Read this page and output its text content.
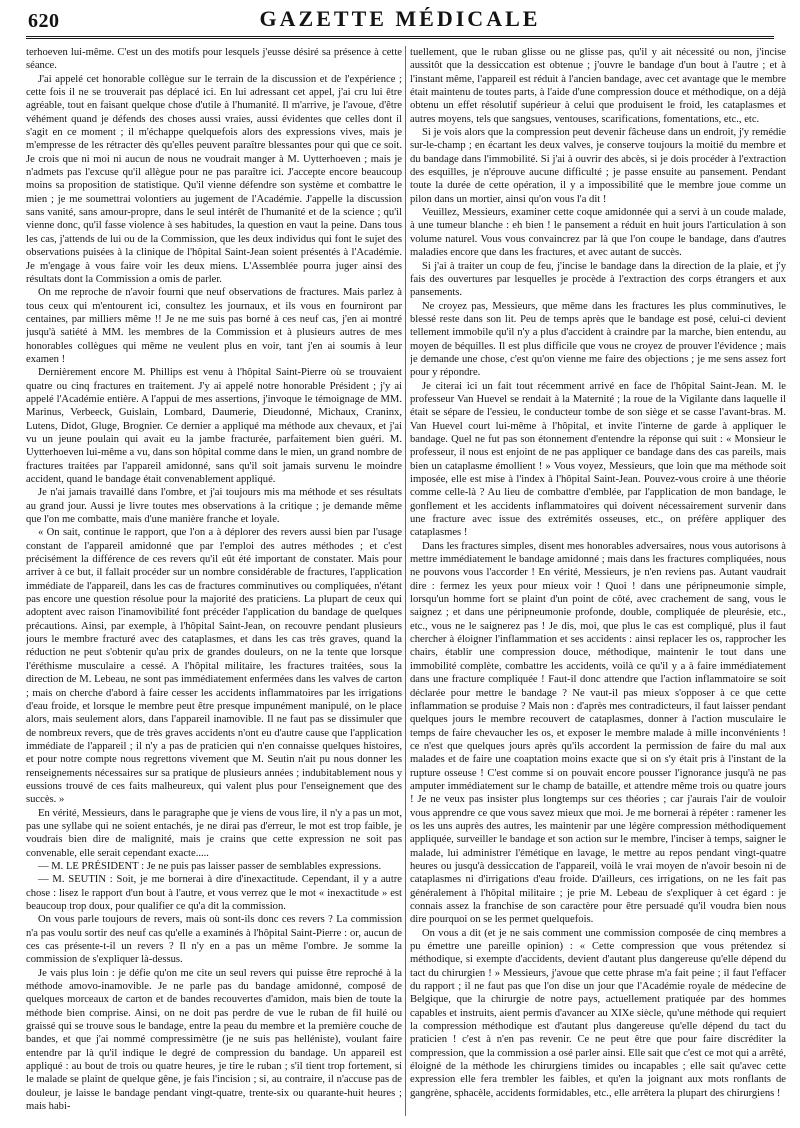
620	GAZETTE MÉDICALE

terhoeven lui-même. C'est un des motifs pour lesquels j'eusse désiré sa présence à cette séance.

J'ai appelé cet honorable collègue sur le terrain de la discussion et de l'expérience ; cette fois il ne se trouverait pas déplacé ici. En lui adressant cet appel, j'ai cru lui être agréable, tout en faisant quelque chose d'utile à l'humanité. Il m'arrive, je l'avoue, d'être véhément quand je défends des choses aussi vraies, aussi évidentes que celles dont il s'agit en ce moment ; il m'échappe quelquefois alors des expressions vives, mais je m'empresse de les rétracter dès qu'elles peuvent paraître blessantes pour qui que ce soit. Je crois que ni moi ni aucun de nous ne voudrait manger à M. Uytterhoeven ; mais je n'admets pas l'excuse qu'il allègue pour ne pas paraître ici. J'accepte encore beaucoup moins sa proposition de statistique. Qu'il vienne défendre son système et combattre le mien ; je me soumettrai volontiers au jugement de l'Académie. J'appelle la discussion sans vanité, sans amour-propre, dans le seul intérêt de l'humanité et de la science ; qu'il vienne donc, qu'il fasse violence à ses habitudes, la question en vaut la peine. Dans tous les cas, j'attends de lui ou de la Commission, que les deux individus qui font le sujet des observations puisées à la clinique de l'hôpital Saint-Jean soient présentés à l'Académie. Je m'engage à vous faire voir les deux miens. L'Assemblée pourra juger ainsi des résultats dont la Commission a omis de parler.

On me reproche de n'avoir fourni que neuf observations de fractures. Mais parlez à tous ceux qui m'entourent ici, consultez les journaux, et ils vous en fourniront par centaines, par milliers même !! Je ne me suis pas borné à ces neuf cas, j'en ai montré jusqu'à satiété à MM. les membres de la Commission et à plusieurs autres de mes honorables collègues qui même ne veulent plus en voir, tant j'en ai soumis à leur examen !

Dernièrement encore M. Phillips est venu à l'hôpital Saint-Pierre où se trouvaient quatre ou cinq fractures en traitement. J'y ai appelé notre honorable Président ; j'y ai appelé l'Académie entière. A l'appui de mes assertions, j'invoque le témoignage de MM. Marinus, Verbeeck, Guislain, Lombard, Daumerie, Dieudonné, Michaux, Craninx, Lutens, Didot, Gluge, Brognier. Ce dernier a appliqué ma méthode aux chevaux, et j'ai vu un jeune poulain qui avait eu la jambe fracturée, parfaitement bien guéri. M. Uytterhoeven lui-même a vu, dans son hôpital comme dans le mien, un grand nombre de fractures traitées par l'appareil amidonné, sans qu'il soit jamais survenu le moindre accident, quand le bandage était convenablement appliqué.

Je n'ai jamais travaillé dans l'ombre, et j'ai toujours mis ma méthode et ses résultats au grand jour. Aussi je livre toutes mes observations à la critique ; je demande même que l'on me combatte, mais d'une manière franche et loyale.

« On sait, continue le rapport, que l'on a à déplorer des revers aussi bien par l'usage constant de l'appareil amidonné que par l'emploi des autres méthodes ; et c'est précisément la différence de ces revers qu'il eût été important de constater. Mais pour arriver à ce but, il fallait procéder sur un nombre considérable de fractures, l'application immédiate de l'appareil, dans les cas de fractures comminutives ou compliquées, n'étant pas encore une question résolue pour la majorité des praticiens. La plupart de ceux qui adoptent avec raison l'inamovibilité font précéder l'application du bandage de quelques précautions. Ainsi, par exemple, à l'hôpital Saint-Jean, on recouvre pendant plusieurs jours le membre fracturé avec des cataplasmes, et dans les cas très graves, quand la réduction ne peut s'obtenir qu'au prix de grandes douleurs, on ne la tente que lorsque l'éréthisme musculaire a cessé. A l'hôpital militaire, les fractures traitées, sous la direction de M. Lebeau, ne sont pas immédiatement enfermées dans les valves de carton ; mais on cherche d'abord à faire cesser les accidents inflammatoires par les irrigations d'eau froide, et lorsque le membre peut être presque impunément manipulé, on le place alors, mais seulement alors, dans l'appareil inamovible. Il ne faut pas se dissimuler que de nombreux revers, que de très graves accidents n'ont eu d'autre cause que l'application immédiate de l'appareil ; il n'y a pas de praticien qui n'en connaisse quelques histoires, et pour notre compte nous regrettons vivement que M. Seutin n'ait pu nous donner les renseignements nécessaires sur sa pratique de plusieurs années ; indubitablement nous y eussions trouvé de ces faits malheureux, qui valent plus pour l'enseignement que des succès. »

En vérité, Messieurs, dans le paragraphe que je viens de vous lire, il n'y a pas un mot, pas une syllabe qui ne soient entachés, je ne dirai pas d'erreur, le mot est trop faible, je voudrais bien dire de malignité, mais je crains que cette expression ne soit pas convenable, elle serait cependant exacte.....

— M. LE PRÉSIDENT : Je ne puis pas laisser passer de semblables expressions.

— M. SEUTIN : Soit, je me bornerai à dire d'inexactitude. Cependant, il y a autre chose : lisez le rapport d'un bout à l'autre, et vous verrez que le mot « inexactitude » est beaucoup trop doux, pour qualifier ce qu'a dit la commission.

On vous parle toujours de revers, mais où sont-ils donc ces revers ? La commission n'a pas voulu sortir des neuf cas qu'elle a examinés à l'hôpital Saint-Pierre : or, aucun de ces cas présente-t-il un revers ? Il n'y en a pas un même l'ombre. Je somme la commission de s'expliquer là-dessus.

Je vais plus loin : je défie qu'on me cite un seul revers qui puisse être reproché à la méthode amovo-inamovible. Je ne parle pas du bandage amidonné, composé de quelques morceaux de carton et de bandes recouvertes d'amidon, mais bien de toute la méthode bien comprise. Ainsi, on ne doit pas perdre de vue le ruban de fil huilé ou graissé qui se trouve sous le bandage, entre la peau du membre et la première couche de bandes, et que j'ai nommé compressimètre (je ne suis pas helléniste), voulant faire entendre par là qu'il indique le degré de compression du bandage. Un appareil est appliqué : au bout de trois ou quatre heures, je tire le ruban ; s'il tient trop fortement, si le malade se plaint de quelque gêne, je fais l'incision ; si, au contraire, il n'accuse pas de douleur, je laisse le bandage pendant vingt-quatre, trente-six ou quarante-huit heures ; mais habi-

tuellement, que le ruban glisse ou ne glisse pas, qu'il y ait nécessité ou non, j'incise aussitôt que la dessiccation est obtenue ; j'ouvre le bandage d'un bout à l'autre ; et à l'instant même, l'appareil est réduit à l'ancien bandage, avec cet avantage que le membre était maintenu de toutes parts, à l'aide d'une compression douce et méthodique, on a déjà obtenu un effet résolutif supérieur à celui que produisent le froid, les cataplasmes et autres moyens, tels que sangsues, ventouses, scarifications, fomentations, etc., etc.

Si je vois alors que la compression peut devenir fâcheuse dans un endroit, j'y remédie sur-le-champ ; en écartant les deux valves, je conserve toujours la moitié du membre et du bandage dans l'immobilité. Si j'ai à ouvrir des abcès, si je dois procéder à l'extraction des esquilles, je n'éprouve aucune difficulté ; je passe ensuite au pansement. Pendant toute la durée de cette opération, il y a impossibilité que le membre joue comme un pilon dans un mortier, ainsi qu'on vous l'a dit !

Veuillez, Messieurs, examiner cette coque amidonnée qui a servi à un coude malade, à une tumeur blanche : eh bien ! le pansement a réduit en huit jours l'articulation à son volume naturel. Vous vous convaincrez par là que l'on coupe le bandage, dans d'autres maladies encore que dans les fractures, et avec autant de succès.

Si j'ai à traiter un coup de feu, j'incise le bandage dans la direction de la plaie, et j'y fais des ouvertures par lesquelles je procède à l'extraction des corps étrangers et aux pansements.

Ne croyez pas, Messieurs, que même dans les fractures les plus comminutives, le blessé reste dans son lit. Peu de temps après que le bandage est posé, celui-ci devient tellement immobile qu'il n'y a plus d'accident à craindre par la marche, bien entendu, au moyen de béquilles. Il est plus difficile que vous ne croyez de prouver l'évidence ; mais je demande une chose, c'est qu'on vienne me faire des objections ; je me sens assez fort pour y répondre.

Je citerai ici un fait tout récemment arrivé en face de l'hôpital Saint-Jean. M. le professeur Van Huevel se rendait à la Maternité ; la roue de la Vigilante dans laquelle il était se sépare de l'essieu, le conducteur tombe de son siège et se casse l'avant-bras. M. Van Huevel court lui-même à l'hôpital, et invite l'interne de garde à appliquer le bandage. Quel ne fut pas son étonnement d'entendre la réponse qui suit : « Monsieur le professeur, il nous est enjoint de ne pas appliquer ce bandage dans des cas pareils, mais bien un cataplasme émollient ! » Vous voyez, Messieurs, que loin que ma méthode soit imposée, elle est mise à l'index à l'hôpital Saint-Jean. Pouvez-vous croire à une théorie comme celle-là ? Au lieu de combattre d'emblée, par l'application de mon bandage, le gonflement et les accidents inflammatoires qui doivent nécessairement survenir dans une fracture avec issue des extrémités osseuses, etc., on préfère appliquer des cataplasmes !

Dans les fractures simples, disent mes honorables adversaires, nous vous autorisons à mettre immédiatement le bandage amidonné ; mais dans les fractures compliquées, nous ne pouvons vous l'accorder ! En vérité, Messieurs, je n'en reviens pas. Autant vaudrait dire : fermez les yeux pour mieux voir ! Quoi ! dans une péripneumonie simple, lorsqu'un homme fort se plaint d'un point de côté, avec crachement de sang, vous le saignez ; et dans une péripneumonie profonde, double, compliquée de pleurésie, etc., etc., vous ne le saignerez pas ! Je dis, moi, que plus le cas est compliqué, plus il faut chercher à éloigner l'inflammation et ses accidents : ainsi replacer les os, rapprocher les chairs, établir une compression douce, méthodique, maintenir le tout dans une immobilité complète, combattre les accidents, voilà ce qu'il y a à faire immédiatement dans une fracture compliquée ! Faut-il donc attendre que l'action inflammatoire se soit déclarée pour mettre le bandage ? Ne vaut-il pas mieux s'opposer à ce que cette inflammation se produise ? Mais non : d'après mes contradicteurs, il faut laisser pendant quelques jours le membre recouvert de cataplasmes, donner à l'action musculaire le temps de faire chevaucher les os, et exposer le membre malade à mille inconvénients ! ce n'est que quelques jours après qu'ils accordent la permission de faire du mal aux malades et de faire une coaptation moins exacte que si on s'y était pris à l'instant de la rupture osseuse ! C'est comme si on pouvait encore pousser l'ignorance jusqu'à ne pas amputer immédiatement sur le champ de bataille, et attendre même trois ou quatre jours ! Je ne veux pas insister plus longtemps sur ces théories ; car j'aurais l'air de vouloir vous apprendre ce que vous savez mieux que moi. Je me bornerai à répéter : ramener les os les uns auprès des autres, les maintenir par une légère compression méthodiquement appliquée, surveiller le bandage et son action sur le membre, l'inciser à temps, saigner le malade, lui administrer l'émétique en lavage, le mettre au repos pendant vingt-quatre heures ou jusqu'à dessiccation de l'appareil, voilà le vrai moyen de n'avoir besoin ni de cataplasmes ni d'irrigations d'eau froide. D'ailleurs, ces irrigations, on ne les fait pas généralement à l'hôpital militaire ; je prie M. Lebeau de s'expliquer à cet égard : je connais assez la franchise de son caractère pour être persuadé qu'il voudra bien nous dire pourquoi on se les permet quelquefois.

On vous a dit (et je ne sais comment une commission composée de cinq membres a pu émettre une pareille opinion) : « Cette compression que vous prétendez si méthodique, si exempte d'accidents, devient d'autant plus dangereuse qu'elle dépend du tact du chirurgien ! » Messieurs, j'avoue que cette phrase m'a fait peine ; il faut l'effacer du rapport ; il ne faut pas que l'on dise un jour que l'Académie royale de médecine de Belgique, que la chirurgie de notre pays, actuellement pratiquée par des hommes capables et instruits, aient permis d'avancer au XIXe siècle, qu'une méthode qui requiert la compression méthodique est d'autant plus dangereuse qu'elle dépend du tact du praticien ! c'est à n'en pas revenir. Ce ne peut être que pour faire discréditer la compression, que la commission a osé parler ainsi. Elle sait que c'est ce mot qui a arrêté, éloigné de la méthode les chirurgiens timides ou incapables ; elle sait qu'avec cette expression elle fera trembler les faibles, et qu'en la joignant aux mots ronflants de gangrène, sphacèle, accidents formidables, etc., elle arrêtera la plupart des chirurgiens !
